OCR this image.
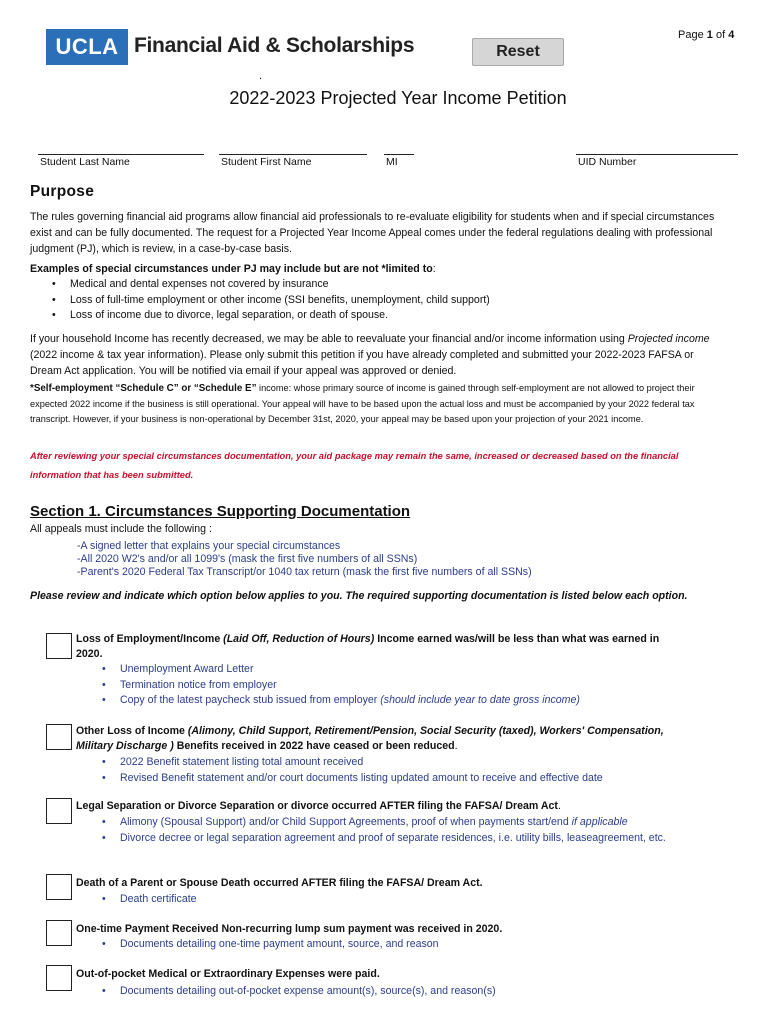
UCLA Financial Aid & Scholarships	Reset
Page 1 of 4
.
2022-2023 Projected Year Income Petition
Student Last Name	Student First Name	MI	UID Number
Purpose
The rules governing financial aid programs allow financial aid professionals to re-evaluate eligibility for students when and if special circumstances exist and can be fully documented. The request for a Projected Year Income Appeal comes under the federal regulations dealing with professional judgment (PJ), which is review, in a case-by-case basis.
Examples of special circumstances under PJ may include but are not *limited to:
• Medical and dental expenses not covered by insurance
• Loss of full-time employment or other income (SSI benefits, unemployment, child support)
• Loss of income due to divorce, legal separation, or death of spouse.
If your household Income has recently decreased, we may be able to reevaluate your financial and/or income information using Projected income (2022 income & tax year information). Please only submit this petition if you have already completed and submitted your 2022-2023 FAFSA or Dream Act application. You will be notified via email if your appeal was approved or denied.
*Self-employment “Schedule C” or “Schedule E” income: whose primary source of income is gained through self-employment are not allowed to project their expected 2022 income if the business is still operational. Your appeal will have to be based upon the actual loss and must be accompanied by your 2022 federal tax transcript. However, if your business is non-operational by December 31st, 2020, your appeal may be based upon your projection of your 2021 income.
After reviewing your special circumstances documentation, your aid package may remain the same, increased or decreased based on the financial information that has been submitted.
Section 1. Circumstances Supporting Documentation
All appeals must include the following :
-A signed letter that explains your special circumstances
-All 2020 W2's and/or all 1099's (mask the first five numbers of all SSNs)
-Parent's 2020 Federal Tax Transcript/or 1040 tax return (mask the first five numbers of all SSNs)
Please review and indicate which option below applies to you. The required supporting documentation is listed below each option.
Loss of Employment/Income (Laid Off, Reduction of Hours) Income earned was/will be less than what was earned in 2020.
• Unemployment Award Letter
• Termination notice from employer
• Copy of the latest paycheck stub issued from employer (should include year to date gross income)
Other Loss of Income (Alimony, Child Support, Retirement/Pension, Social Security (taxed), Workers' Compensation, Military Discharge ) Benefits received in 2022 have ceased or been reduced.
• 2022 Benefit statement listing total amount received
• Revised Benefit statement and/or court documents listing updated amount to receive and effective date
Legal Separation or Divorce Separation or divorce occurred AFTER filing the FAFSA/ Dream Act.
• Alimony (Spousal Support) and/or Child Support Agreements, proof of when payments start/end if applicable
• Divorce decree or legal separation agreement and proof of separate residences, i.e. utility bills, leaseagreement, etc.
Death of a Parent or Spouse Death occurred AFTER filing the FAFSA/ Dream Act.
• Death certificate
One-time Payment Received Non-recurring lump sum payment was received in 2020.
• Documents detailing one-time payment amount, source, and reason
Out-of-pocket Medical or Extraordinary Expenses were paid.
• Documents detailing out-of-pocket expense amount(s), source(s), and reason(s)
